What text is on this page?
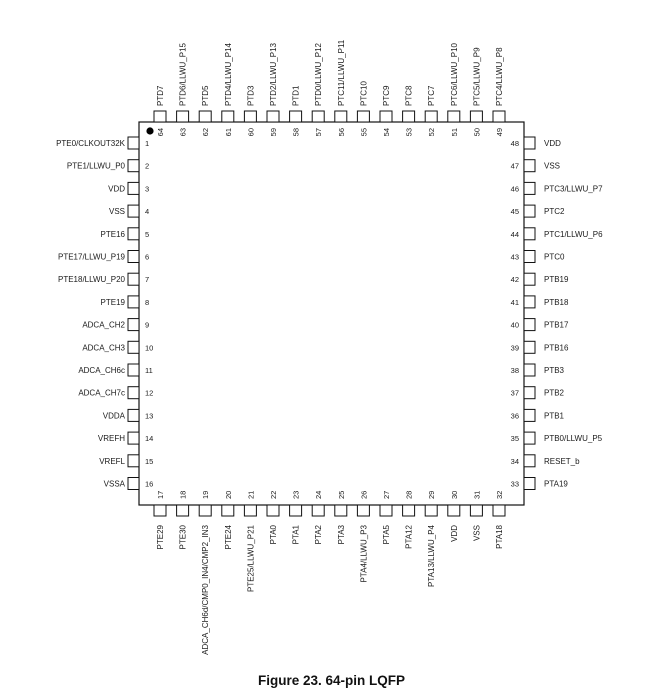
PTE0/CLKOUT32K	1
PTE1/LLWU_P0	2
VDD	3
VSS	4
PTE16	5
PTE17/LLWU_P19	6
PTE18/LLWU_P20	7
PTE19	8
ADCA_CH2	9
ADCA_CH3	10
ADCA_CH6c	11
ADCA_CH7c	12
VDDA	13
VREFH	14
VREFL	15
VSSA	16	PTA19
33
RESET_b
34
PTB0/LLWU_P5
35
PTB1
36
PTB2
37
PTB3
38
PTB16
39
PTB17
40
PTB18
41
PTB19
42
PTC0
43
PTC1/LLWU_P6
44
PTC2
45
PTC3/LLWU_P7
46
VSS
47
VDD
48
PTE29
17
PTE30
18
ADCA_CH6d/CMP0_IN4/CMP2_IN3
19
PTE24
20
PTE25/LLWU_P21
21
PTA0
22
PTA1
23
PTA2
24
PTA3
25
PTA4/LLWU_P3
26
PTA5
27
PTA12
28
PTA13/LLWU_P4
29
VDD
30
VSS
31
PTA18
32
PTC4/LLWU_P8
49
PTC5/LLWU_P9
50
PTC6/LLWU_P10
51
PTC7
52
PTC8
53
PTC9
54
PTC10
55
PTC11/LLWU_P11
56
PTD0/LLWU_P12
57
PTD1
58
PTD2/LLWU_P13
59
PTD3
60
PTD4/LLWU_P14
61
PTD5
62
PTD6/LLWU_P15
63
PTD7
64
Figure 23. 64-pin LQFP
